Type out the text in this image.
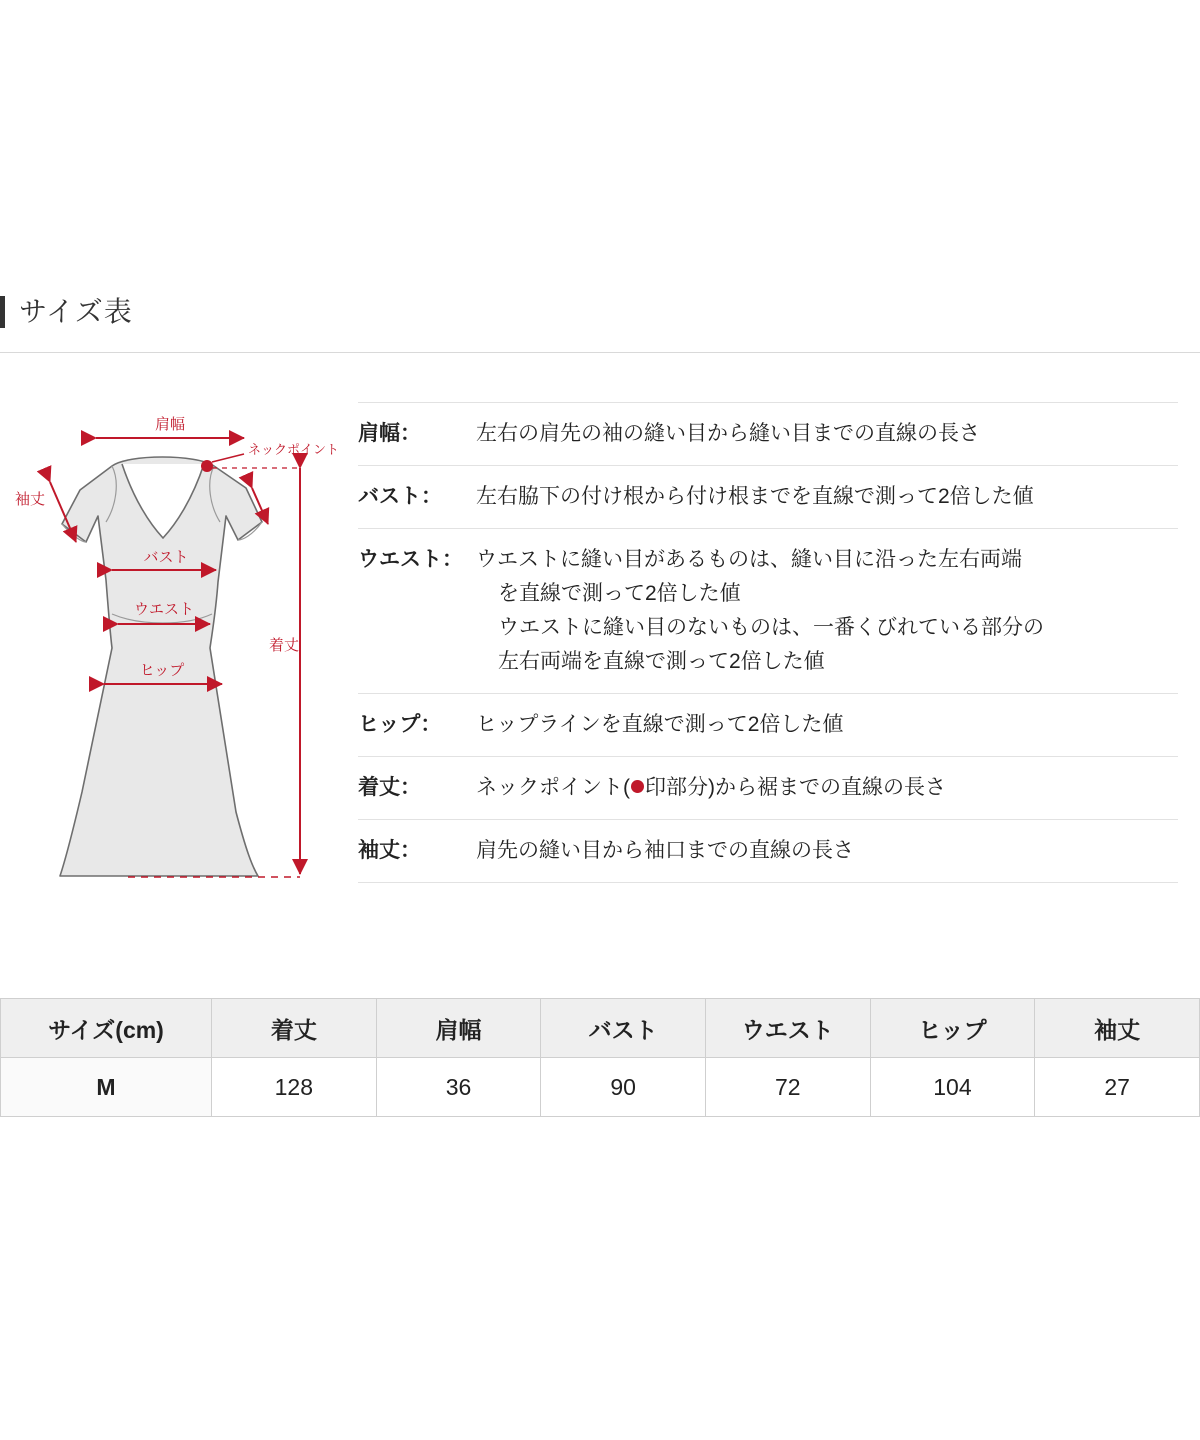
サイズ表
肩幅
ネックポイント
袖丈
バスト
ウエスト
ヒップ
着丈
肩幅：	左右の肩先の袖の縫い目から縫い目までの直線の長さ
バスト：	左右脇下の付け根から付け根までを直線で測って2倍した値
ウエスト： ウエストに縫い目があるものは、縫い目に沿った左右両端
を直線で測って2倍した値
ウエストに縫い目のないものは、一番くびれている部分の
左右両端を直線で測って2倍した値
ヒップ：	ヒップラインを直線で測って2倍した値
着丈：	ネックポイント( 印部分)から裾までの直線の長さ
袖丈：	肩先の縫い目から袖口までの直線の長さ
サイズ(cm)	着丈	肩幅	バスト	ウエスト	ヒップ	袖丈
M	128	36	90	72	104	27
